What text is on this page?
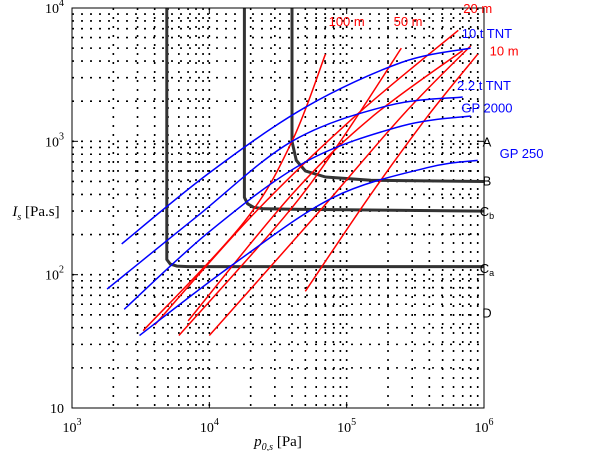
$10^3$	$10^4$	$10^5$	$10^6$
10
$10^2$
$10^3$
$10^4$
100 m 50 m
20 m
10 t TNT
10 m
2.2 t TNT
GP 2000
GP 250
A
B
$C_b$
$C_a$
D
$p_{0,s}$ [Pa]
$I_s$ [Pa.s]
